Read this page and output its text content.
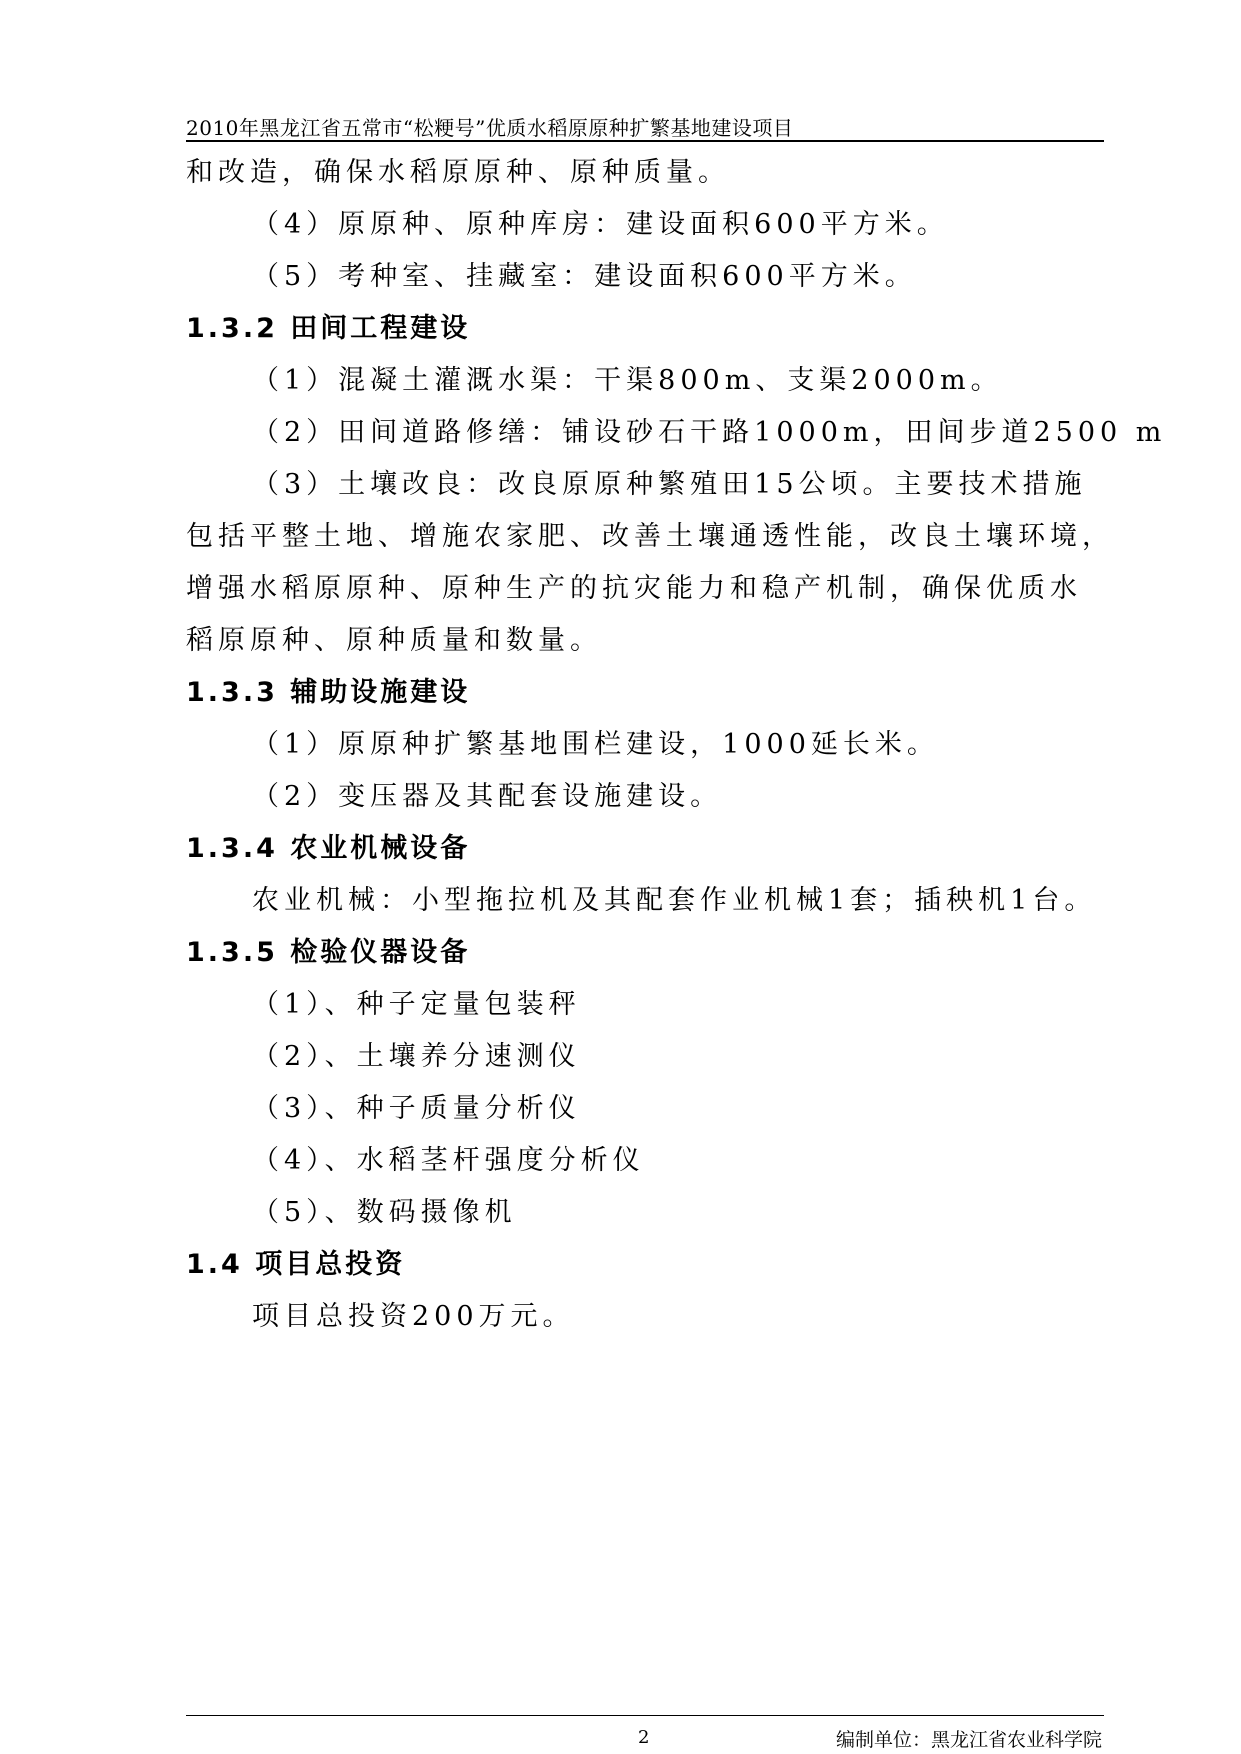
2010年黑龙江省五常市“松粳号”优质水稻原原种扩繁基地建设项目
和改造，确保水稻原原种、原种质量。
（4）原原种、原种库房：建设面积600平方米。
（5）考种室、挂藏室：建设面积600平方米。
1.3.2 田间工程建设
（1）混凝土灌溉水渠：干渠800m、支渠2000m。
（2）田间道路修缮：铺设砂石干路1000m，田间步道2500 m
（3）土壤改良：改良原原种繁殖田15公顷。主要技术措施
包括平整土地、增施农家肥、改善土壤通透性能，改良土壤环境，
增强水稻原原种、原种生产的抗灾能力和稳产机制，确保优质水
稻原原种、原种质量和数量。
1.3.3 辅助设施建设
（1）原原种扩繁基地围栏建设，1000延长米。
（2）变压器及其配套设施建设。
1.3.4 农业机械设备
农业机械：小型拖拉机及其配套作业机械1套；插秧机1台。
1.3.5 检验仪器设备
（1）、种子定量包装秤
（2）、土壤养分速测仪
（3）、种子质量分析仪
（4）、水稻茎杆强度分析仪
（5）、数码摄像机
1.4 项目总投资
项目总投资200万元。
2	编制单位：黑龙江省农业科学院
